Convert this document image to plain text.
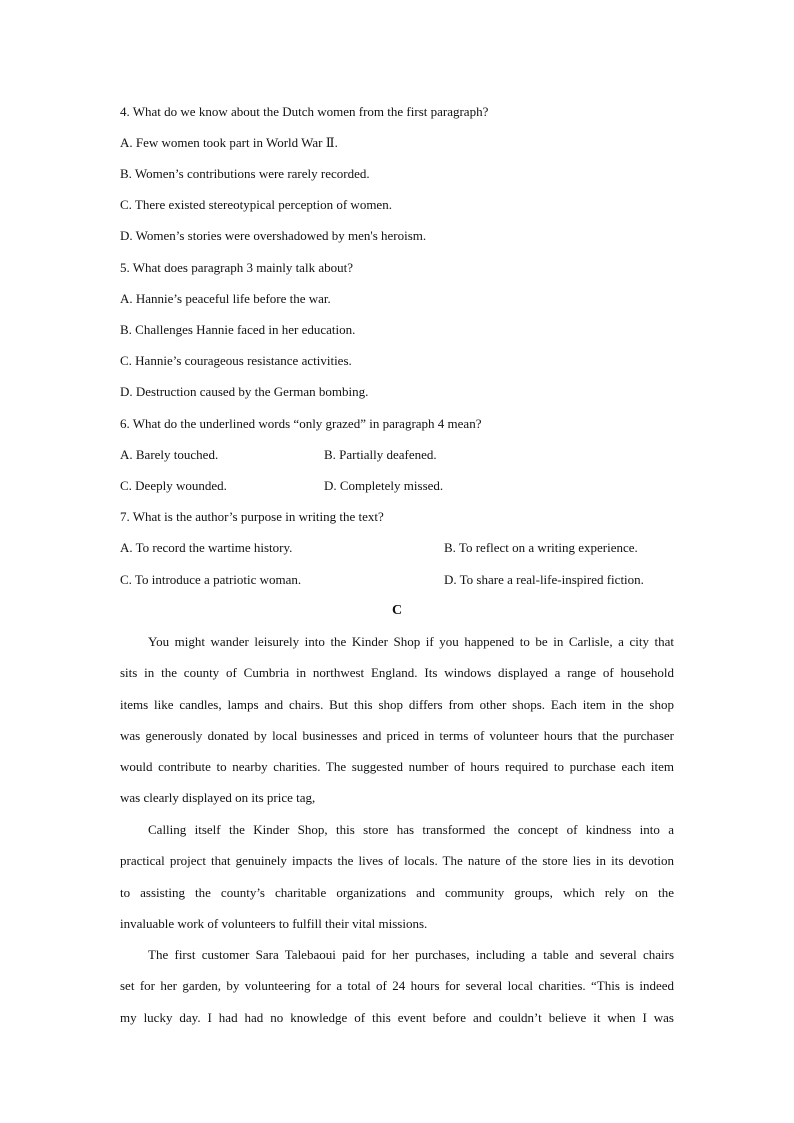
4. What do we know about the Dutch women from the first paragraph?
A. Few women took part in World War Ⅱ.
B. Women’s contributions were rarely recorded.
C. There existed stereotypical perception of women.
D. Women’s stories were overshadowed by men's heroism.
5. What does paragraph 3 mainly talk about?
A. Hannie’s peaceful life before the war.
B. Challenges Hannie faced in her education.
C. Hannie’s courageous resistance activities.
D. Destruction caused by the German bombing.
6. What do the underlined words “only grazed” in paragraph 4 mean?
A. Barely touched.	B. Partially deafened.
C. Deeply wounded.	D. Completely missed.
7. What is the author’s purpose in writing the text?
A. To record the wartime history.	B. To reflect on a writing experience.
C. To introduce a patriotic woman.	D. To share a real-life-inspired fiction.
C

You might wander leisurely into the Kinder Shop if you happened to be in Carlisle, a city that

sits in the county of Cumbria in northwest England. Its windows displayed a range of household

items like candles, lamps and chairs. But this shop differs from other shops. Each item in the shop

was generously donated by local businesses and priced in terms of volunteer hours that the purchaser

would contribute to nearby charities. The suggested number of hours required to purchase each item

was clearly displayed on its price tag,

Calling itself the Kinder Shop, this store has transformed the concept of kindness into a

practical project that genuinely impacts the lives of locals. The nature of the store lies in its devotion

to assisting the county’s charitable organizations and community groups, which rely on the

invaluable work of volunteers to fulfill their vital missions.

The first customer Sara Talebaoui paid for her purchases, including a table and several chairs

set for her garden, by volunteering for a total of 24 hours for several local charities. “This is indeed

my lucky day. I had had no knowledge of this event before and couldn’t believe it when I was
